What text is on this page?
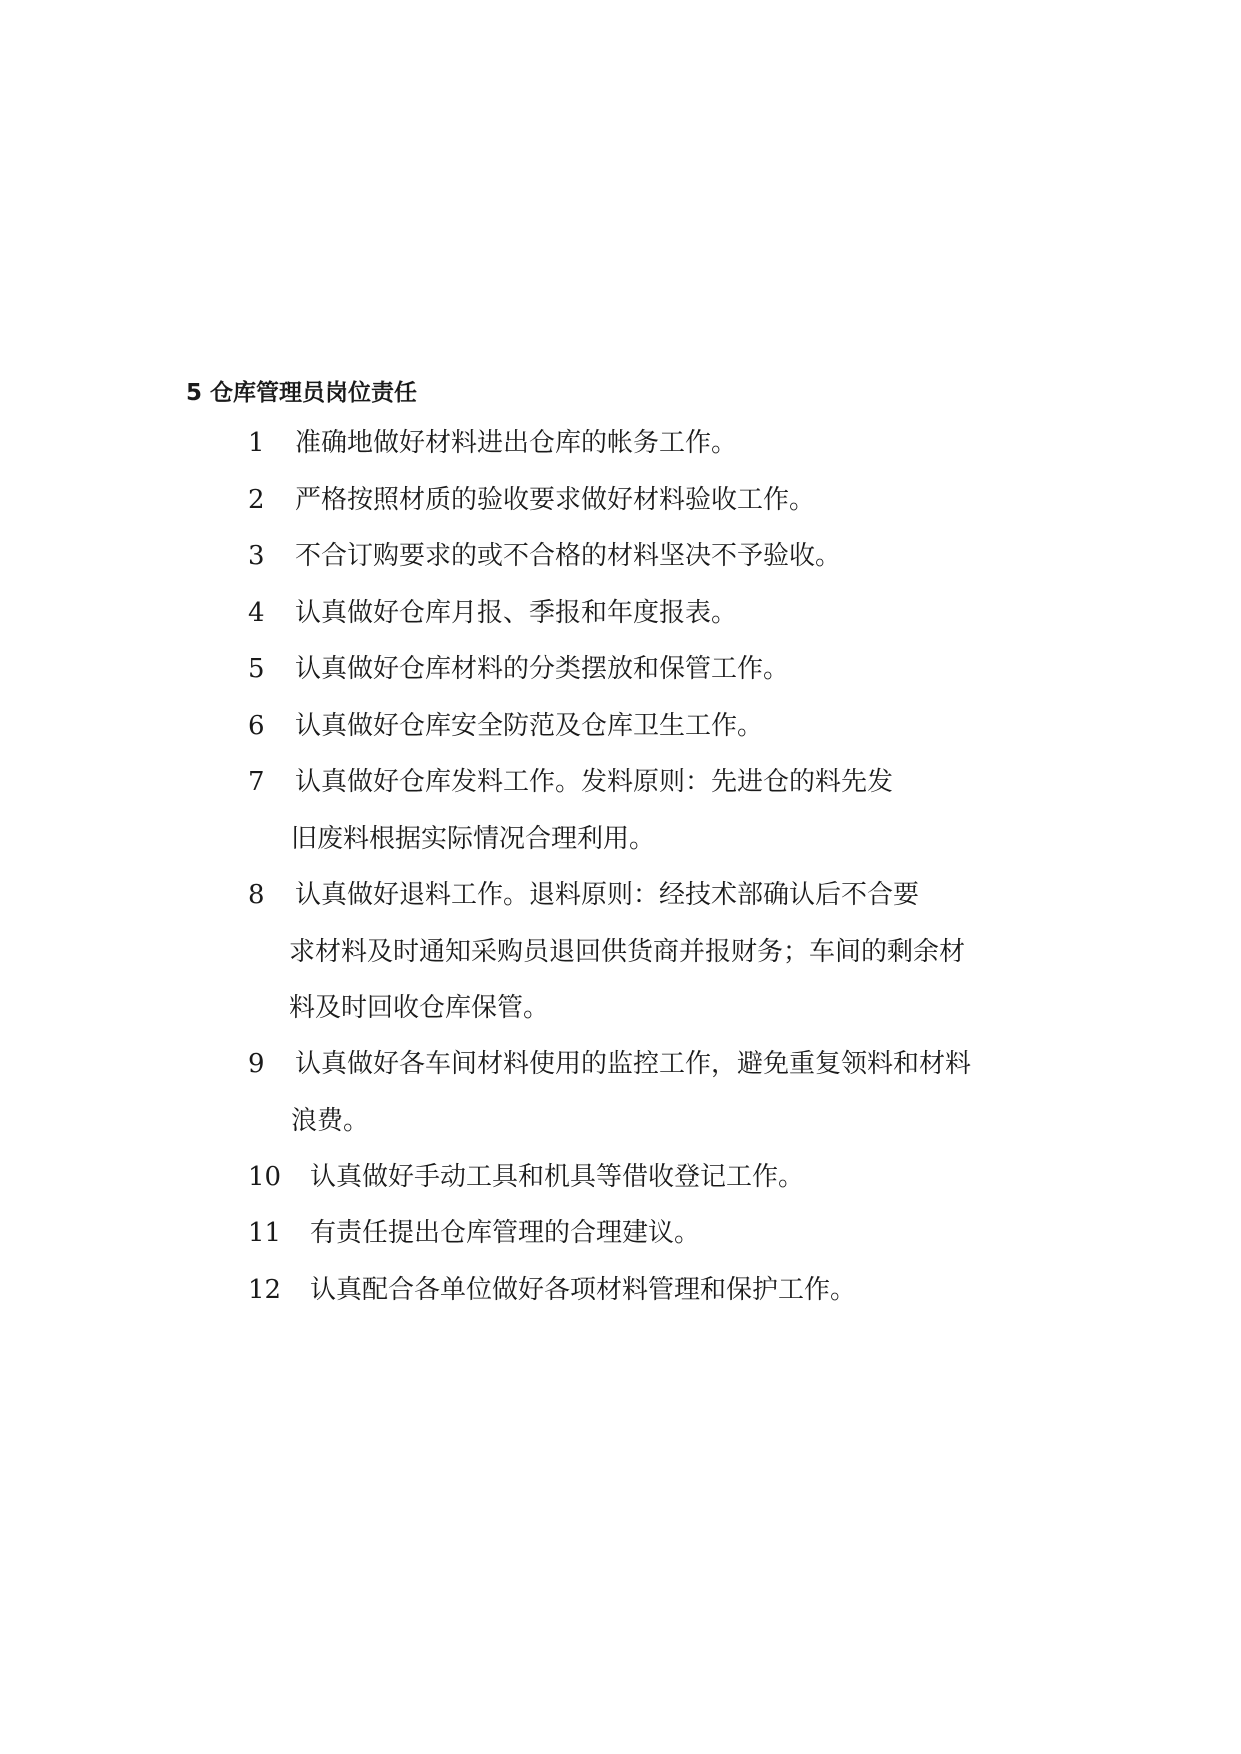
5 仓库管理员岗位责任
1	准确地做好材料进出仓库的帐务工作。
2	严格按照材质的验收要求做好材料验收工作。
3	不合订购要求的或不合格的材料坚决不予验收。
4	认真做好仓库月报、季报和年度报表。
5	认真做好仓库材料的分类摆放和保管工作。
6	认真做好仓库安全防范及仓库卫生工作。
7	认真做好仓库发料工作。发料原则：先进仓的料先发
旧废料根据实际情况合理利用。
8	认真做好退料工作。退料原则：经技术部确认后不合要
求材料及时通知采购员退回供货商并报财务；车间的剩余材
料及时回收仓库保管。
9	认真做好各车间材料使用的监控工作，避免重复领料和材料
浪费。
10	认真做好手动工具和机具等借收登记工作。
11	有责任提出仓库管理的合理建议。
12	认真配合各单位做好各项材料管理和保护工作。
